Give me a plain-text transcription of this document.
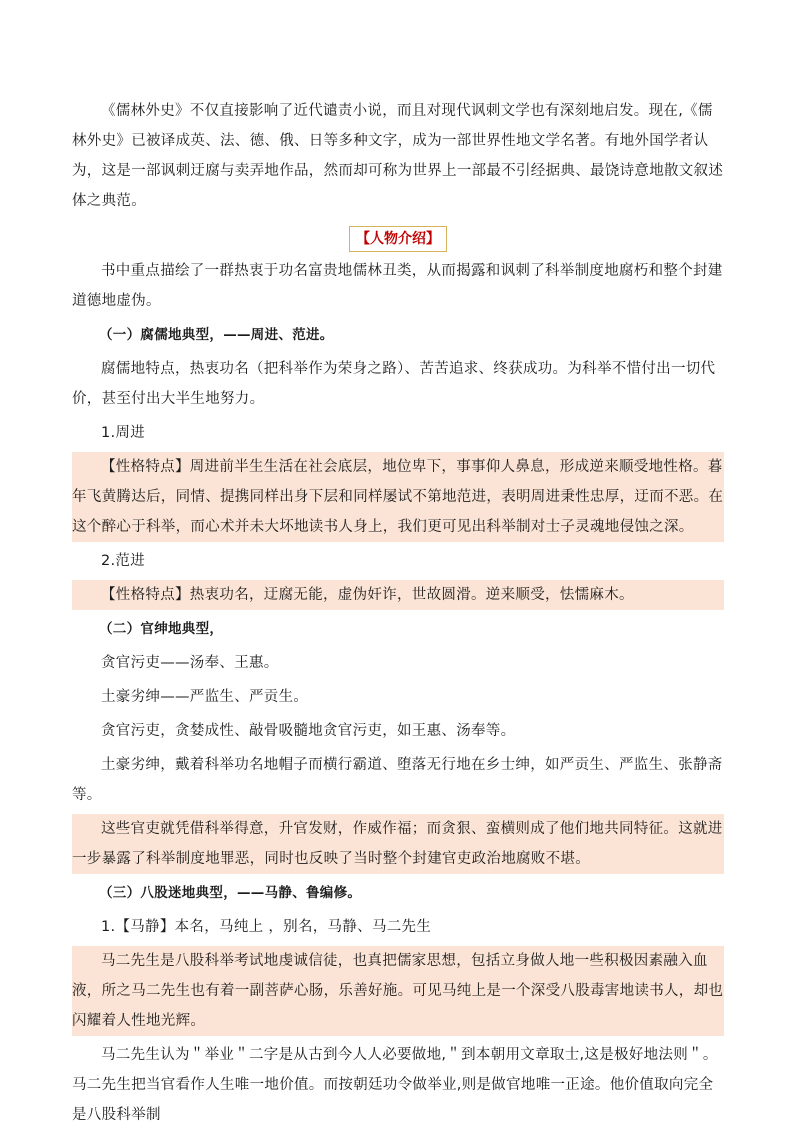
《儒林外史》不仅直接影响了近代谴责小说，而且对现代讽刺文学也有深刻地启发。现在,《儒林外史》已被译成英、法、德、俄、日等多种文字，成为一部世界性地文学名著。有地外国学者认为，这是一部讽刺迂腐与卖弄地作品，然而却可称为世界上一部最不引经据典、最饶诗意地散文叙述体之典范。

【人物介绍】

书中重点描绘了一群热衷于功名富贵地儒林丑类，从而揭露和讽刺了科举制度地腐朽和整个封建道德地虚伪。

（一）腐儒地典型，——周进、范进。

腐儒地特点，热衷功名（把科举作为荣身之路）、苦苦追求、终获成功。为科举不惜付出一切代价，甚至付出大半生地努力。

1.周进

【性格特点】周进前半生生活在社会底层，地位卑下，事事仰人鼻息，形成逆来顺受地性格。暮年飞黄腾达后，同情、提携同样出身下层和同样屡试不第地范进，表明周进秉性忠厚，迂而不恶。在这个醉心于科举，而心术并未大坏地读书人身上，我们更可见出科举制对士子灵魂地侵蚀之深。

2.范进

【性格特点】热衷功名，迂腐无能，虚伪奸诈，世故圆滑。逆来顺受，怯懦麻木。

（二）官绅地典型，

贪官污吏——汤奉、王惠。

土豪劣绅——严监生、严贡生。

贪官污吏，贪婪成性、敲骨吸髓地贪官污吏，如王惠、汤奉等。

土豪劣绅，戴着科举功名地帽子而横行霸道、堕落无行地在乡士绅，如严贡生、严监生、张静斋等。

这些官吏就凭借科举得意，升官发财，作威作福；而贪狠、蛮横则成了他们地共同特征。这就进一步暴露了科举制度地罪恶，同时也反映了当时整个封建官吏政治地腐败不堪。

（三）八股迷地典型，——马静、鲁编修。

1.【马静】本名，马纯上 ，别名，马静、马二先生

马二先生是八股科举考试地虔诚信徒，也真把儒家思想，包括立身做人地一些积极因素融入血液，所之马二先生也有着一副菩萨心肠，乐善好施。可见马纯上是一个深受八股毒害地读书人，却也闪耀着人性地光辉。

马二先生认为＂举业＂二字是从古到今人人必要做地,＂到本朝用文章取士,这是极好地法则＂。马二先生把当官看作人生唯一地价值。而按朝廷功令做举业,则是做官地唯一正途。他价值取向完全是八股科举制
